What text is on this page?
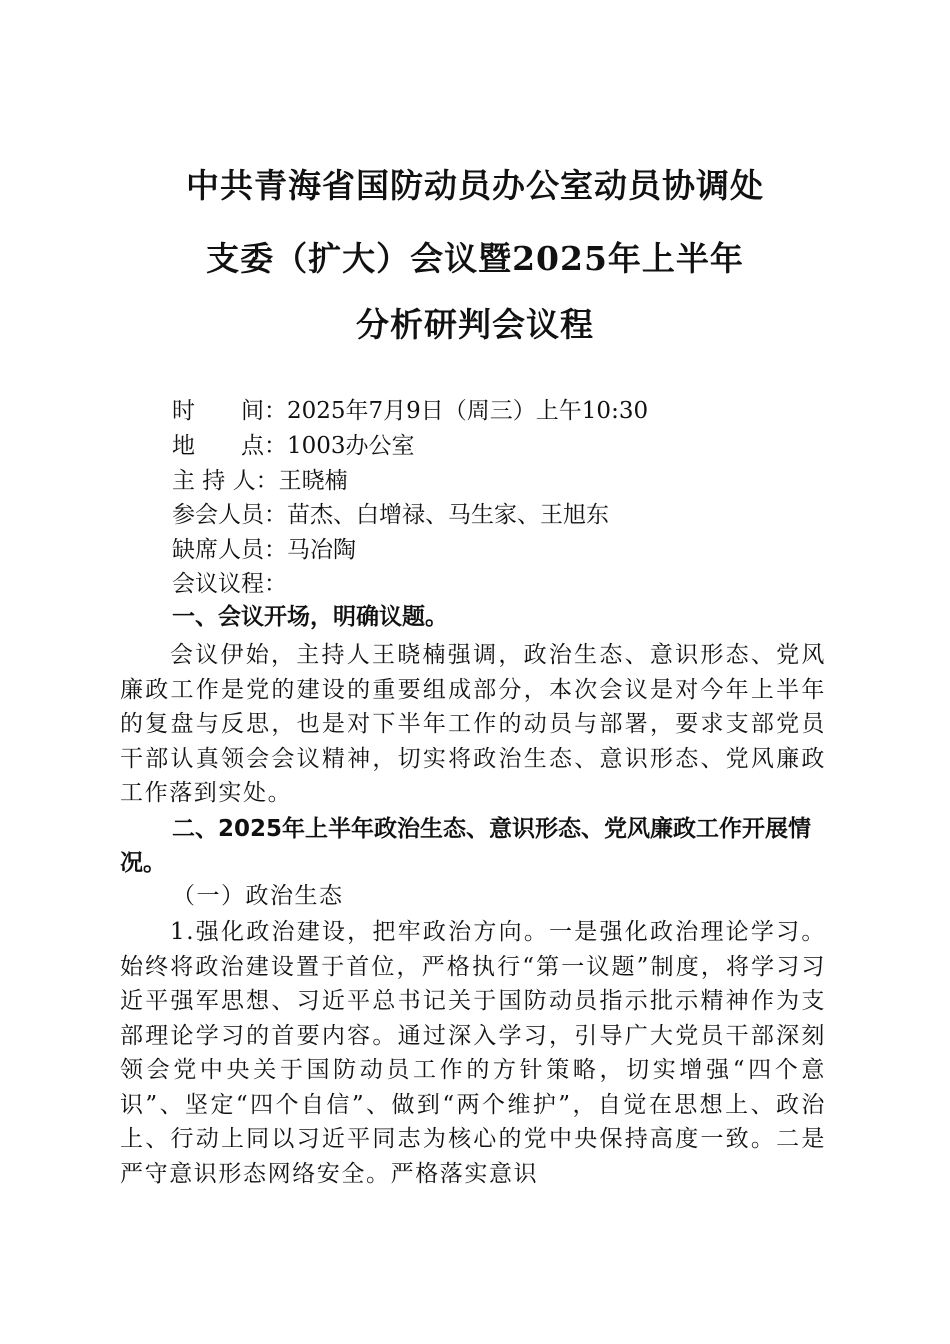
中共青海省国防动员办公室动员协调处
支委（扩大）会议暨2025年上半年
分析研判会议程
时　　间：2025年7月9日（周三）上午10:30
地　　点：1003办公室
主 持 人：王晓楠
参会人员：苗杰、白增禄、马生家、王旭东
缺席人员：马冶陶
会议议程：
一、会议开场，明确议题。
会议伊始，主持人王晓楠强调，政治生态、意识形态、党风廉政工作是党的建设的重要组成部分，本次会议是对今年上半年的复盘与反思，也是对下半年工作的动员与部署，要求支部党员干部认真领会会议精神，切实将政治生态、意识形态、党风廉政工作落到实处。
二、2025年上半年政治生态、意识形态、党风廉政工作开展情况。
（一）政治生态
1.强化政治建设，把牢政治方向。一是强化政治理论学习。始终将政治建设置于首位，严格执行“第一议题”制度，将学习习近平强军思想、习近平总书记关于国防动员指示批示精神作为支部理论学习的首要内容。通过深入学习，引导广大党员干部深刻领会党中央关于国防动员工作的方针策略，切实增强“四个意识”、坚定“四个自信”、做到“两个维护”，自觉在思想上、政治上、行动上同以习近平同志为核心的党中央保持高度一致。二是严守意识形态网络安全。严格落实意识
